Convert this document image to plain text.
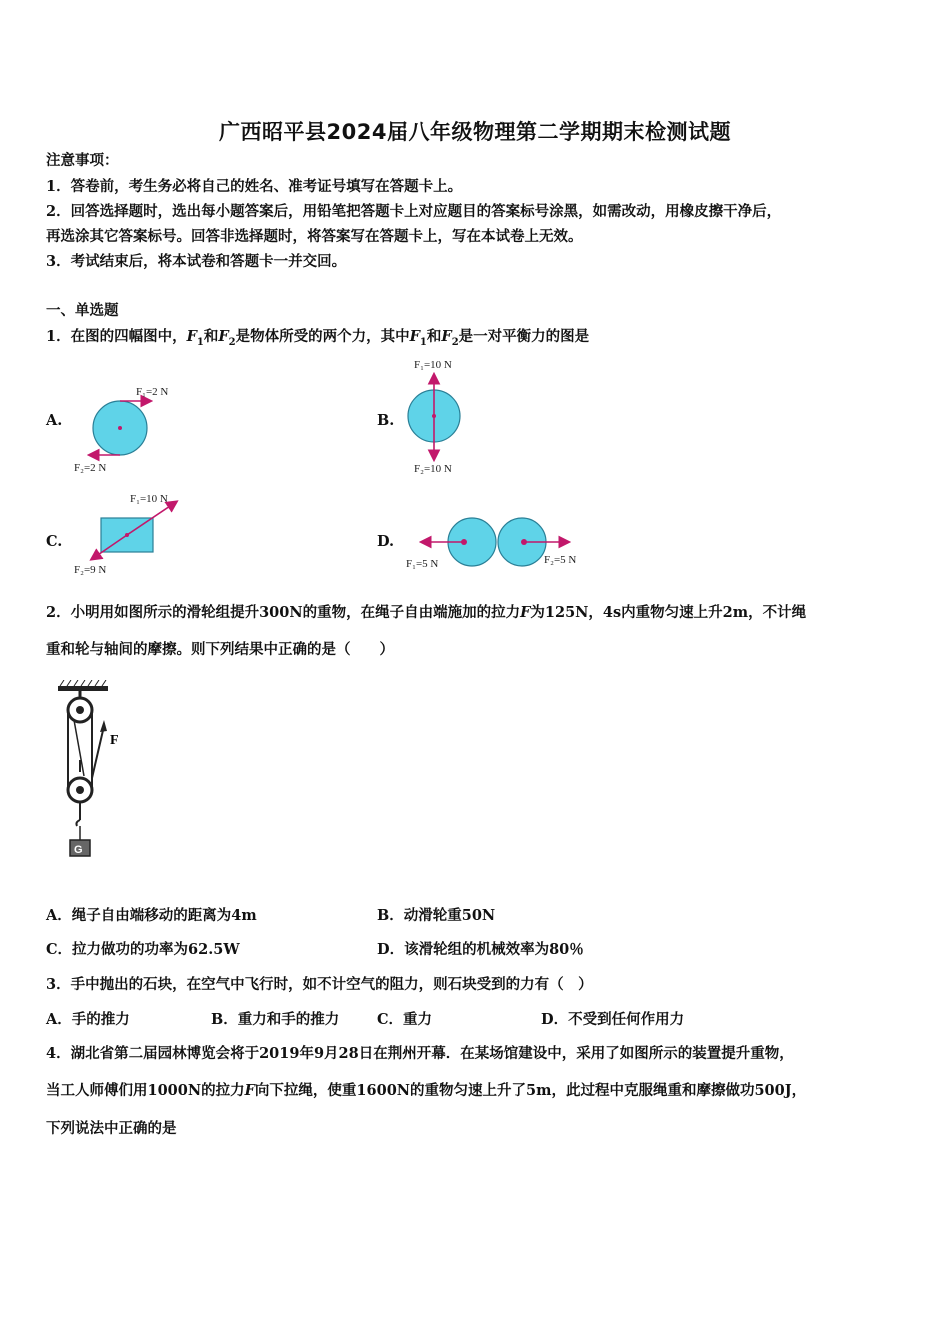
广西昭平县2024届八年级物理第二学期期末检测试题
注意事项：
1．答卷前，考生务必将自己的姓名、准考证号填写在答题卡上。
2．回答选择题时，选出每小题答案后，用铅笔把答题卡上对应题目的答案标号涂黑，如需改动，用橡皮擦干净后，
再选涂其它答案标号。回答非选择题时，将答案写在答题卡上，写在本试卷上无效。
3．考试结束后，将本试卷和答题卡一并交回。
一、单选题
1．在图的四幅图中，$F_1$和$F_2$是物体所受的两个力，其中$F_1$和$F_2$是一对平衡力的图是
A.
F₁=2 N
F₂=2 N
B.
F₁=10 N
F₂=10 N
C.
F₁=10 N
F₂=9 N
D.
F₁=5 N	F₂=5 N
2．小明用如图所示的滑轮组提升300N的重物，在绳子自由端施加的拉力F为125N，4s内重物匀速上升2m，不计绳
重和轮与轴间的摩擦。则下列结果中正确的是（　　）
F
G
A．绳子自由端移动的距离为4m	B．动滑轮重50N
C．拉力做功的功率为62.5W	D．该滑轮组的机械效率为80％
3．手中抛出的石块，在空气中飞行时，如不计空气的阻力，则石块受到的力有（　）
A．手的推力	B．重力和手的推力	C．重力	D．不受到任何作用力
4．湖北省第二届园林博览会将于2019年9月28日在荆州开幕．在某场馆建设中，采用了如图所示的装置提升重物，
当工人师傅们用1000N的拉力F向下拉绳，使重1600N的重物匀速上升了5m，此过程中克服绳重和摩擦做功500J，
下列说法中正确的是
